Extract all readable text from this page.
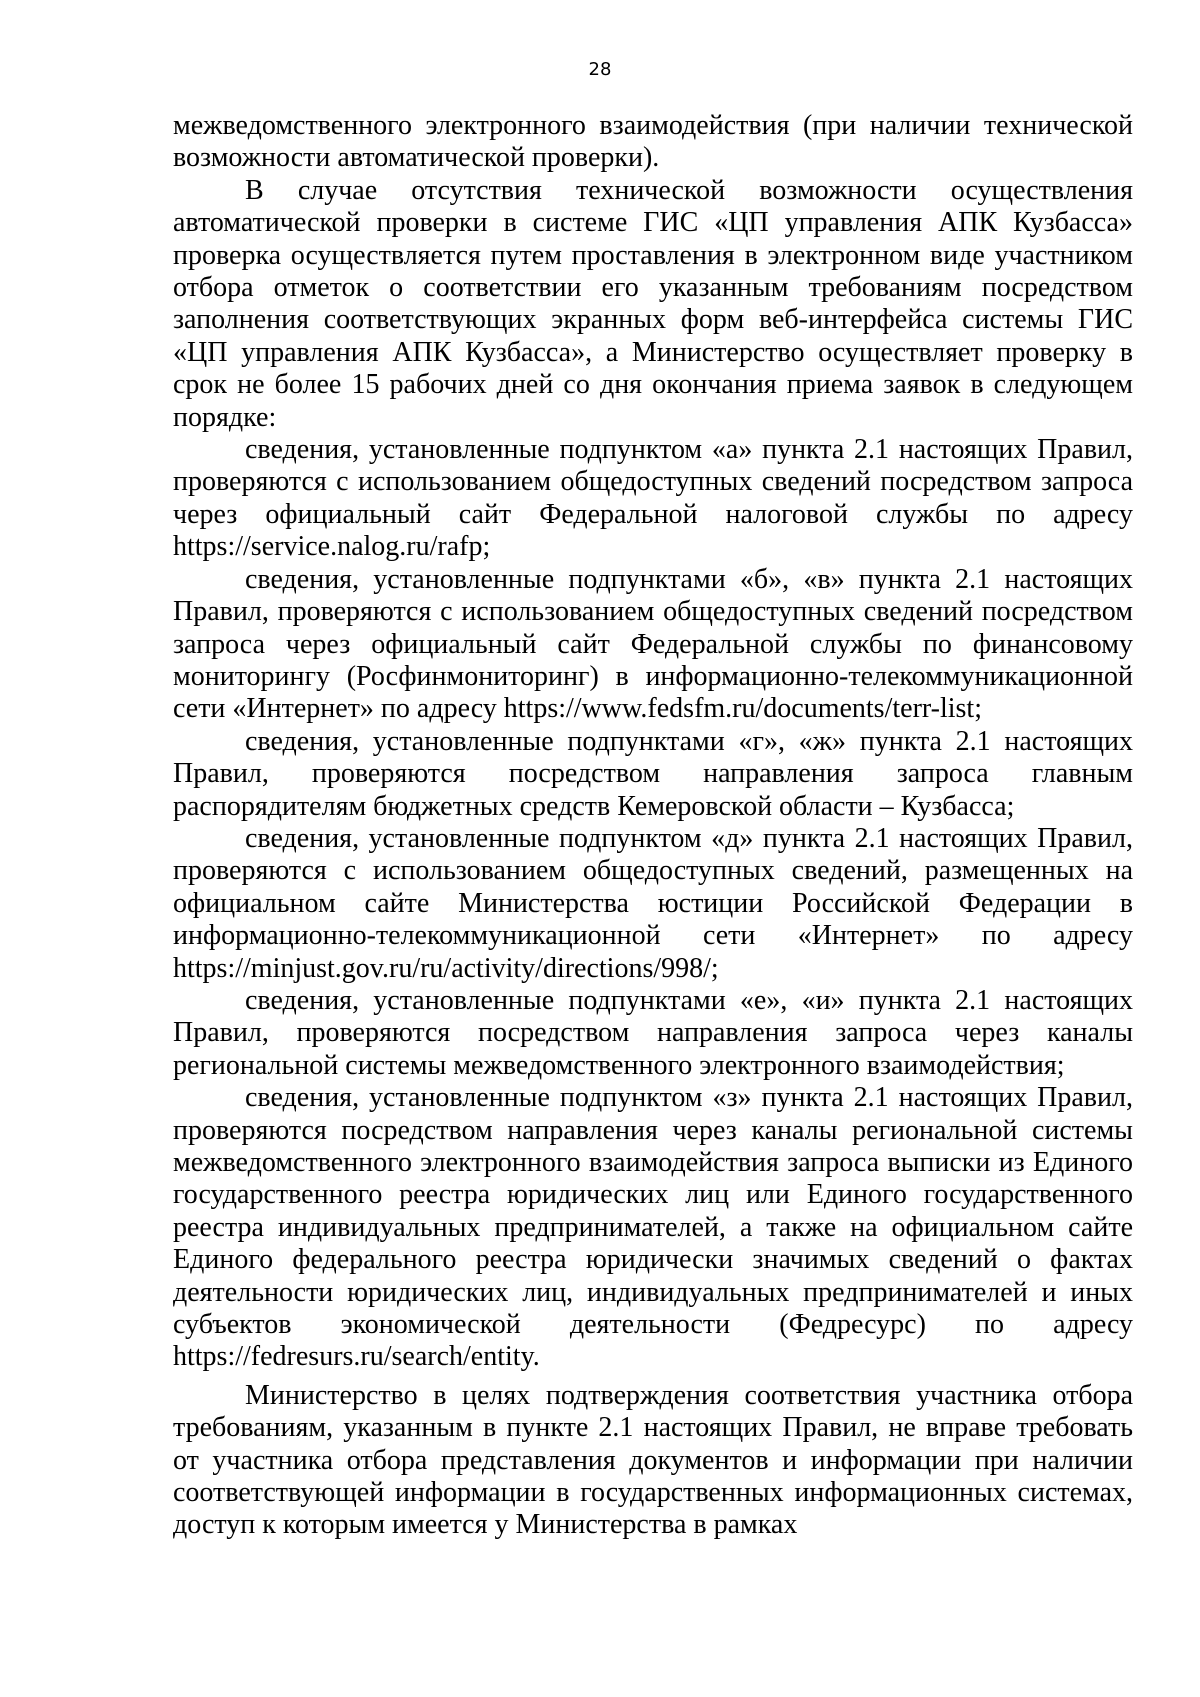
28

межведомственного электронного взаимодействия (при наличии технической возможности автоматической проверки).

В случае отсутствия технической возможности осуществления автоматической проверки в системе ГИС «ЦП управления АПК Кузбасса» проверка осуществляется путем проставления в электронном виде участником отбора отметок о соответствии его указанным требованиям посредством заполнения соответствующих экранных форм веб-интерфейса системы ГИС «ЦП управления АПК Кузбасса», а Министерство осуществляет проверку в срок не более 15 рабочих дней со дня окончания приема заявок в следующем порядке:

сведения, установленные подпунктом «а» пункта 2.1 настоящих Правил, проверяются с использованием общедоступных сведений посредством запроса через официальный сайт Федеральной налоговой службы по адресу https://service.nalog.ru/rafp;

сведения, установленные подпунктами «б», «в» пункта 2.1 настоящих Правил, проверяются с использованием общедоступных сведений посредством запроса через официальный сайт Федеральной службы по финансовому мониторингу (Росфинмониторинг) в информационно-телекоммуникационной сети «Интернет» по адресу https://www.fedsfm.ru/documents/terr-list;

сведения, установленные подпунктами «г», «ж» пункта 2.1 настоящих Правил, проверяются посредством направления запроса главным распорядителям бюджетных средств Кемеровской области – Кузбасса;

сведения, установленные подпунктом «д» пункта 2.1 настоящих Правил, проверяются с использованием общедоступных сведений, размещенных на официальном сайте Министерства юстиции Российской Федерации в информационно-телекоммуникационной сети «Интернет» по адресу https://minjust.gov.ru/ru/activity/directions/998/;

сведения, установленные подпунктами «е», «и» пункта 2.1 настоящих Правил, проверяются посредством направления запроса через каналы региональной системы межведомственного электронного взаимодействия;

сведения, установленные подпунктом «з» пункта 2.1 настоящих Правил, проверяются посредством направления через каналы региональной системы межведомственного электронного взаимодействия запроса выписки из Единого государственного реестра юридических лиц или Единого государственного реестра индивидуальных предпринимателей, а также на официальном сайте Единого федерального реестра юридически значимых сведений о фактах деятельности юридических лиц, индивидуальных предпринимателей и иных субъектов экономической деятельности (Федресурс) по адресу https://fedresurs.ru/search/entity.

Министерство в целях подтверждения соответствия участника отбора требованиям, указанным в пункте 2.1 настоящих Правил, не вправе требовать от участника отбора представления документов и информации при наличии соответствующей информации в государственных информационных системах, доступ к которым имеется у Министерства в рамках
